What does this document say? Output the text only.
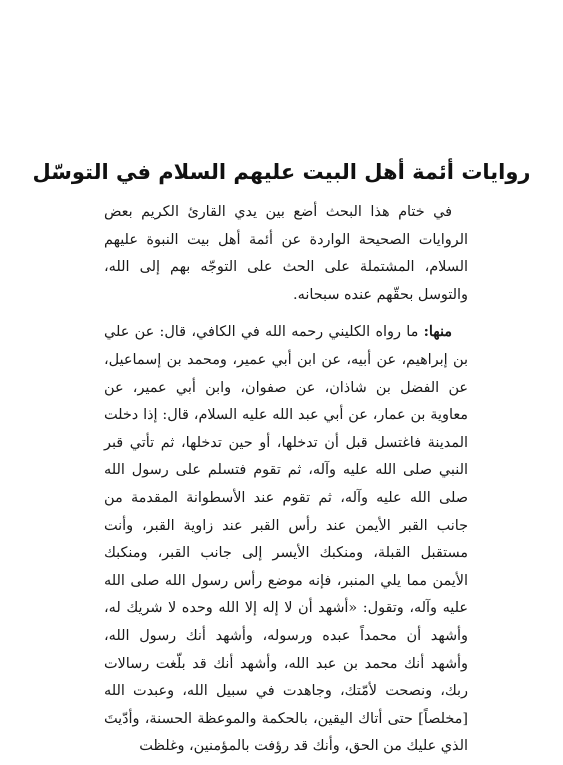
روايات أئمة أهل البيت عليهم السلام في التوسّل

في ختام هذا البحث أضع بين يدي القارئ الكريم بعض الروايات الصحيحة الواردة عن أئمة أهل بيت النبوة عليهم السلام، المشتملة على الحث على التوجّه بهم إلى الله، والتوسل بحقّهم عنده سبحانه.

منها: ما رواه الكليني رحمه الله في الكافي، قال: عن علي بن إبراهيم، عن أبيه، عن ابن أبي عمير، ومحمد بن إسماعيل، عن الفضل بن شاذان، عن صفوان، وابن أبي عمير، عن معاوية بن عمار، عن أبي عبد الله عليه السلام، قال: إذا دخلت المدينة فاغتسل قبل أن تدخلها، أو حين تدخلها، ثم تأتي قبر النبي صلى الله عليه وآله، ثم تقوم فتسلم على رسول الله صلى الله عليه وآله، ثم تقوم عند الأسطوانة المقدمة من جانب القبر الأيمن عند رأس القبر عند زاوية القبر، وأنت مستقبل القبلة، ومنكبك الأيسر إلى جانب القبر، ومنكبك الأيمن مما يلي المنبر، فإنه موضع رأس رسول الله صلى الله عليه وآله، وتقول: «أشهد أن لا إله إلا الله وحده لا شريك له، وأشهد أن محمداً عبده ورسوله، وأشهد أنك رسول الله، وأشهد أنك محمد بن عبد الله، وأشهد أنك قد بلّغت رسالات ربك، ونصحت لأمّتك، وجاهدت في سبيل الله، وعبدت الله [مخلصاً] حتى أتاك اليقين، بالحكمة والموعظة الحسنة، وأدّيتَ الذي عليك من الحق، وأنك قد رؤفت بالمؤمنين، وغلظت
